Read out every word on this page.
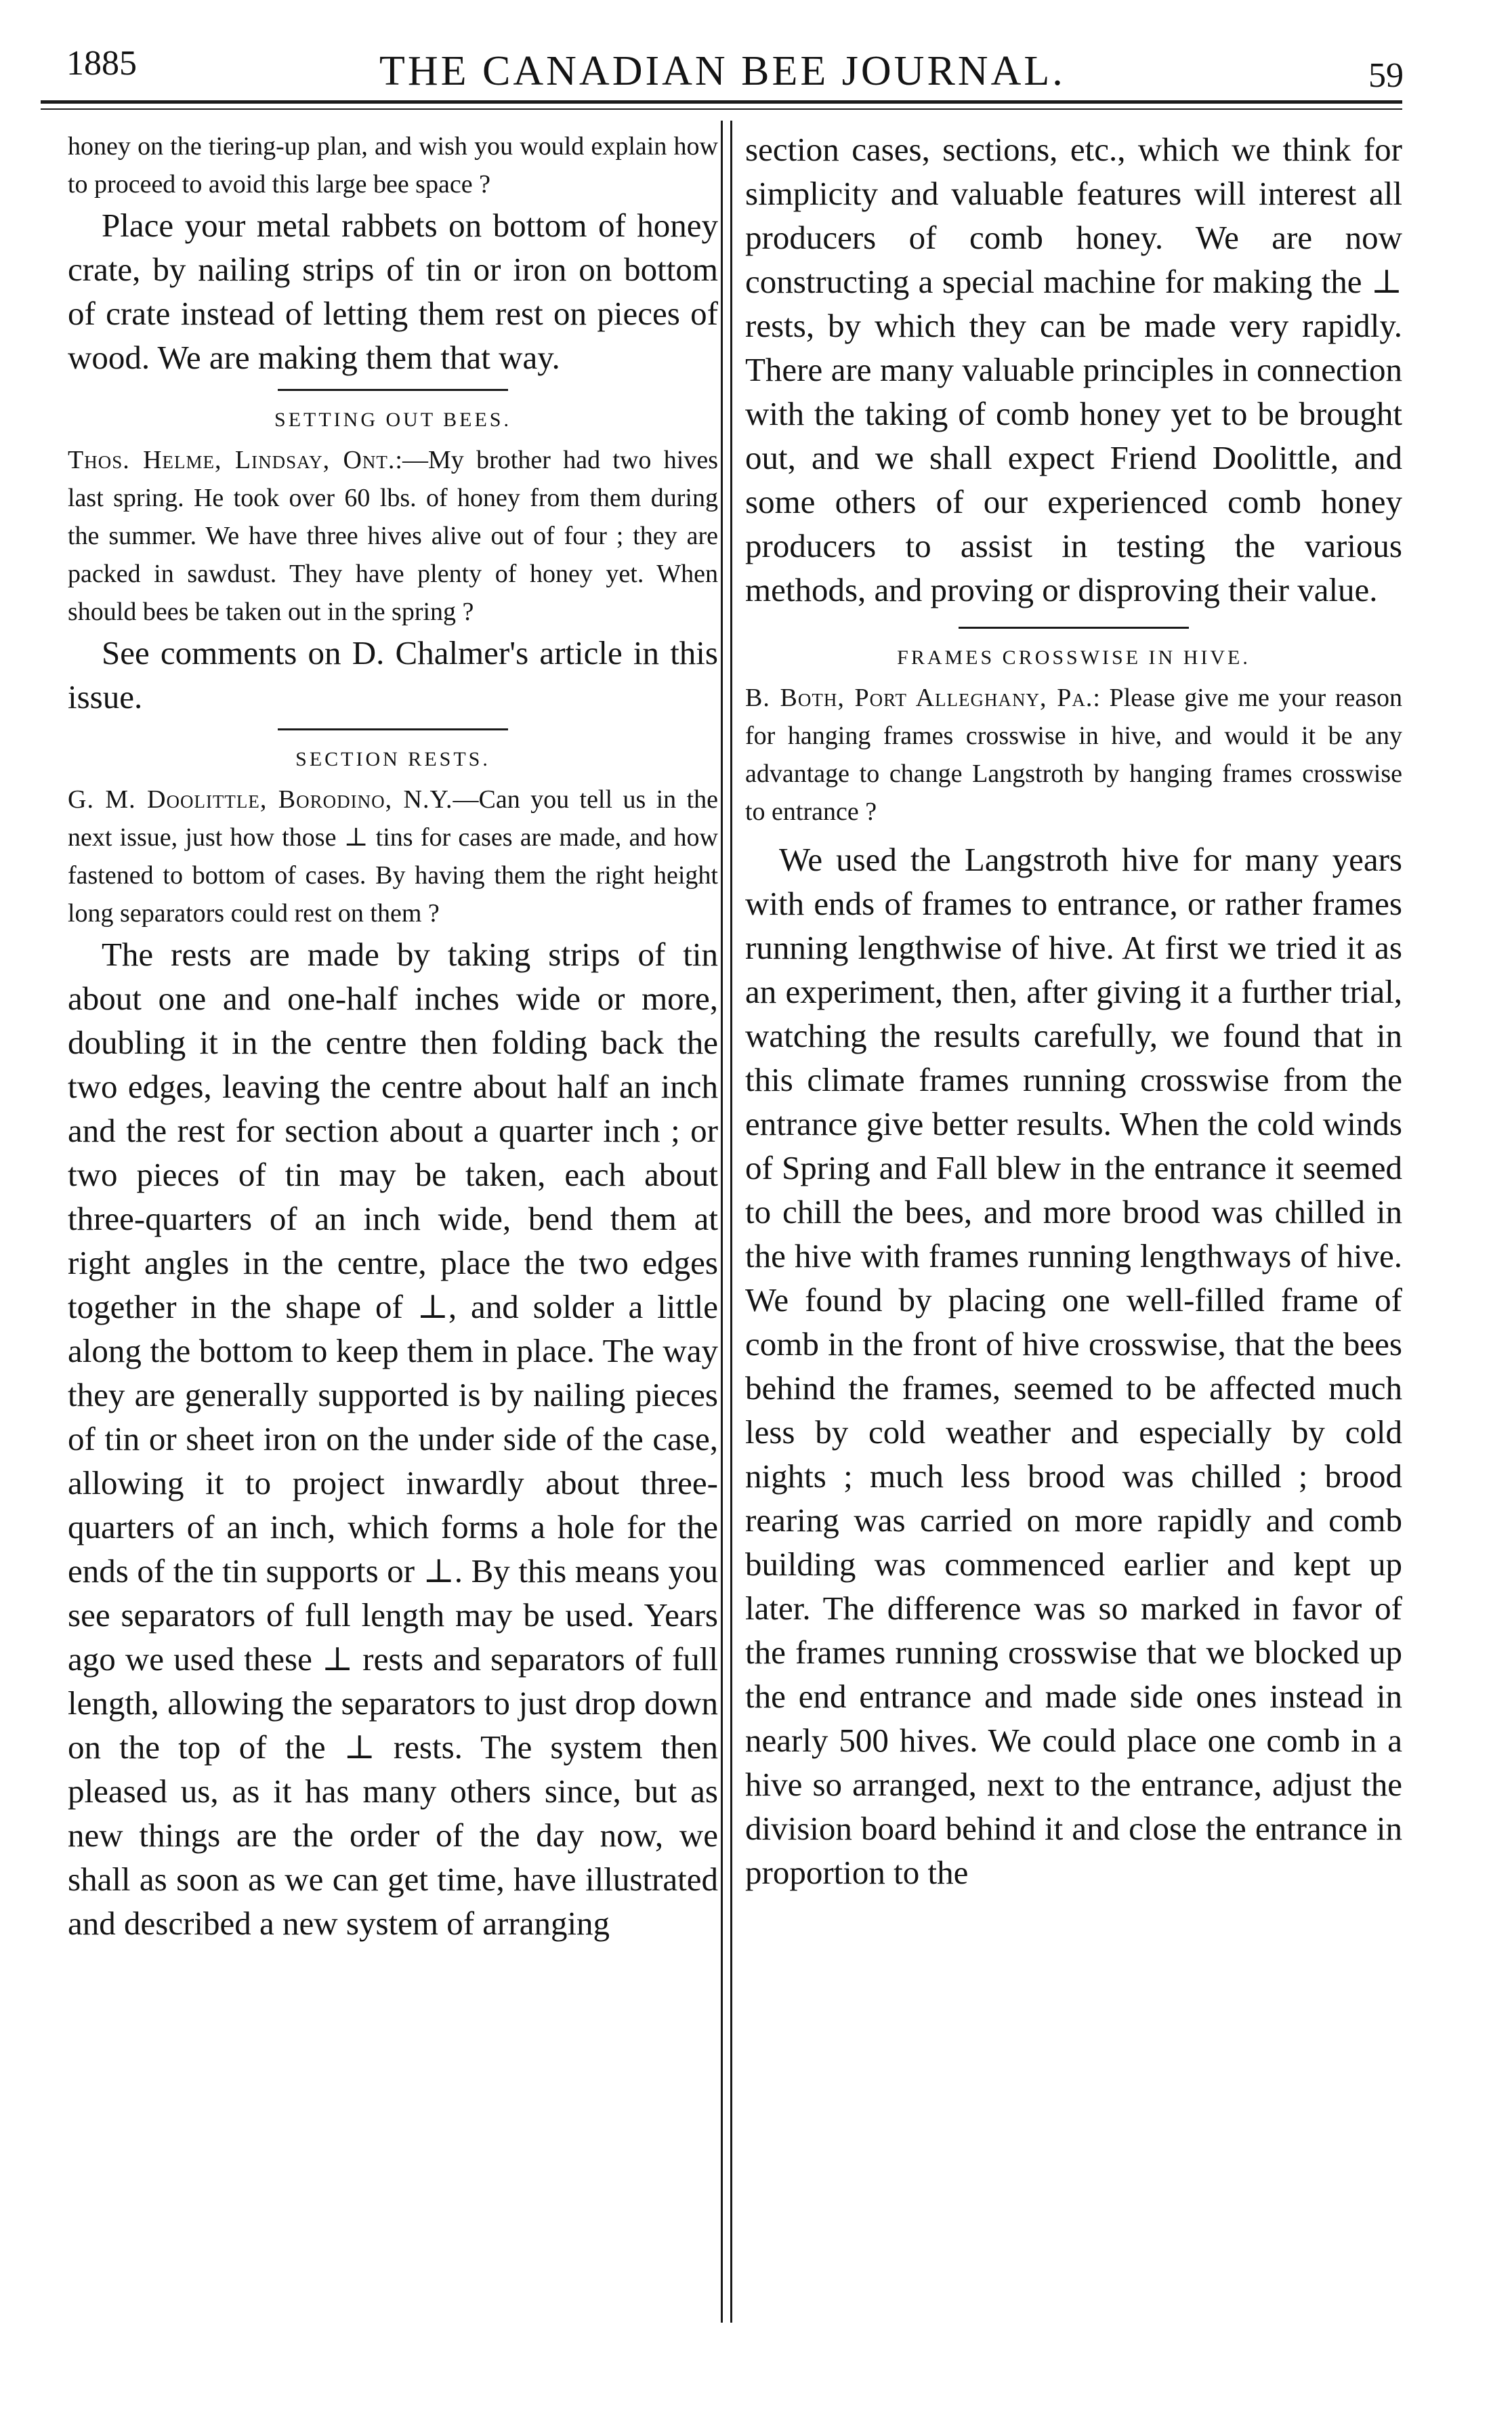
1885	THE CANADIAN BEE JOURNAL.	59

honey on the tiering-up plan, and wish you would explain how to proceed to avoid this large bee space ?

Place your metal rabbets on bottom of honey crate, by nailing strips of tin or iron on bottom of crate instead of letting them rest on pieces of wood. We are making them that way.

SETTING OUT BEES.

Thos. Helme, Lindsay, Ont.:—My brother had two hives last spring. He took over 60 lbs. of honey from them during the summer. We have three hives alive out of four ; they are packed in sawdust. They have plenty of honey yet. When should bees be taken out in the spring ?

See comments on D. Chalmer's article in this issue.

SECTION RESTS.

G. M. Doolittle, Borodino, N.Y.—Can you tell us in the next issue, just how those ⊥ tins for cases are made, and how fastened to bottom of cases. By having them the right height long separators could rest on them ?

The rests are made by taking strips of tin about one and one-half inches wide or more, doubling it in the centre then folding back the two edges, leaving the centre about half an inch and the rest for section about a quarter inch ; or two pieces of tin may be taken, each about three-quarters of an inch wide, bend them at right angles in the centre, place the two edges together in the shape of ⊥, and solder a little along the bottom to keep them in place. The way they are generally supported is by nailing pieces of tin or sheet iron on the under side of the case, allowing it to project inwardly about three-quarters of an inch, which forms a hole for the ends of the tin supports or ⊥. By this means you see separators of full length may be used. Years ago we used these ⊥ rests and separators of full length, allowing the separators to just drop down on the top of the ⊥ rests. The system then pleased us, as it has many others since, but as new things are the order of the day now, we shall as soon as we can get time, have illustrated and described a new system of arranging

section cases, sections, etc., which we think for simplicity and valuable features will interest all producers of comb honey. We are now constructing a special machine for making the ⊥ rests, by which they can be made very rapidly. There are many valuable principles in connection with the taking of comb honey yet to be brought out, and we shall expect Friend Doolittle, and some others of our experienced comb honey producers to assist in testing the various methods, and proving or disproving their value.

FRAMES CROSSWISE IN HIVE.

B. Both, Port Alleghany, Pa.: Please give me your reason for hanging frames crosswise in hive, and would it be any advantage to change Langstroth by hanging frames crosswise to entrance ?

We used the Langstroth hive for many years with ends of frames to entrance, or rather frames running lengthwise of hive. At first we tried it as an experiment, then, after giving it a further trial, watching the results carefully, we found that in this climate frames running crosswise from the entrance give better results. When the cold winds of Spring and Fall blew in the entrance it seemed to chill the bees, and more brood was chilled in the hive with frames running lengthways of hive. We found by placing one well-filled frame of comb in the front of hive crosswise, that the bees behind the frames, seemed to be affected much less by cold weather and especially by cold nights ; much less brood was chilled ; brood rearing was carried on more rapidly and comb building was commenced earlier and kept up later. The difference was so marked in favor of the frames running crosswise that we blocked up the end entrance and made side ones instead in nearly 500 hives. We could place one comb in a hive so arranged, next to the entrance, adjust the division board behind it and close the entrance in proportion to the
